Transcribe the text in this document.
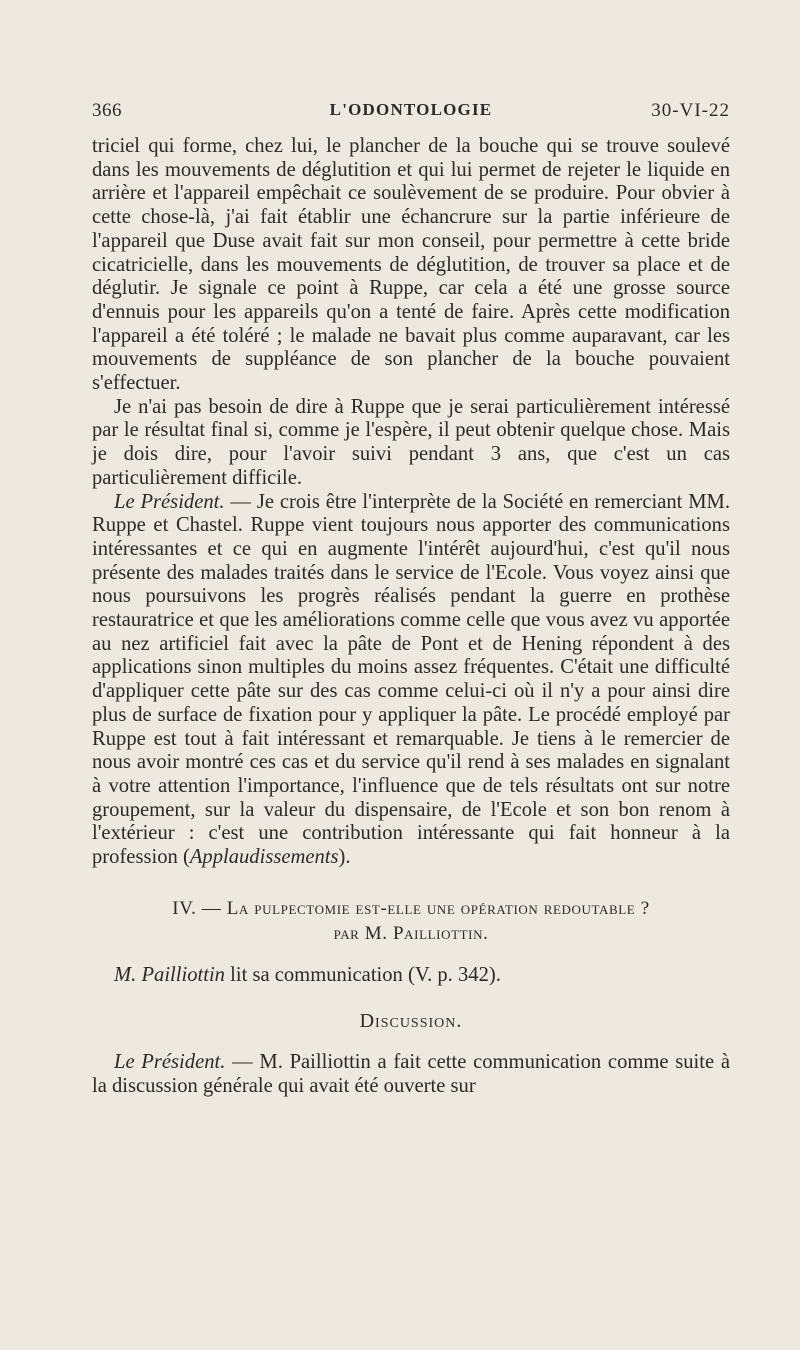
366	L'ODONTOLOGIE	30-VI-22

triciel qui forme, chez lui, le plancher de la bouche qui se trouve soulevé dans les mouvements de déglutition et qui lui permet de rejeter le liquide en arrière et l'appareil empêchait ce soulèvement de se produire. Pour obvier à cette chose-là, j'ai fait établir une échancrure sur la partie inférieure de l'appareil que Duse avait fait sur mon conseil, pour permettre à cette bride cicatricielle, dans les mouvements de déglutition, de trouver sa place et de déglutir. Je signale ce point à Ruppe, car cela a été une grosse source d'ennuis pour les appareils qu'on a tenté de faire. Après cette modification l'appareil a été toléré ; le malade ne bavait plus comme auparavant, car les mouvements de suppléance de son plancher de la bouche pouvaient s'effectuer.

Je n'ai pas besoin de dire à Ruppe que je serai particulièrement intéressé par le résultat final si, comme je l'espère, il peut obtenir quelque chose. Mais je dois dire, pour l'avoir suivi pendant 3 ans, que c'est un cas particulièrement difficile.

Le Président. — Je crois être l'interprète de la Société en remerciant MM. Ruppe et Chastel. Ruppe vient toujours nous apporter des communications intéressantes et ce qui en augmente l'intérêt aujourd'hui, c'est qu'il nous présente des malades traités dans le service de l'Ecole. Vous voyez ainsi que nous poursuivons les progrès réalisés pendant la guerre en prothèse restauratrice et que les améliorations comme celle que vous avez vu apportée au nez artificiel fait avec la pâte de Pont et de Hening répondent à des applications sinon multiples du moins assez fréquentes. C'était une difficulté d'appliquer cette pâte sur des cas comme celui-ci où il n'y a pour ainsi dire plus de surface de fixation pour y appliquer la pâte. Le procédé employé par Ruppe est tout à fait intéressant et remarquable. Je tiens à le remercier de nous avoir montré ces cas et du service qu'il rend à ses malades en signalant à votre attention l'importance, l'influence que de tels résultats ont sur notre groupement, sur la valeur du dispensaire, de l'Ecole et son bon renom à l'extérieur : c'est une contribution intéressante qui fait honneur à la profession (Applaudissements).

IV. — La pulpectomie est-elle une opération redoutable ?
par M. Pailliottin.

M. Pailliottin lit sa communication (V. p. 342).

Discussion.

Le Président. — M. Pailliottin a fait cette communication comme suite à la discussion générale qui avait été ouverte sur
